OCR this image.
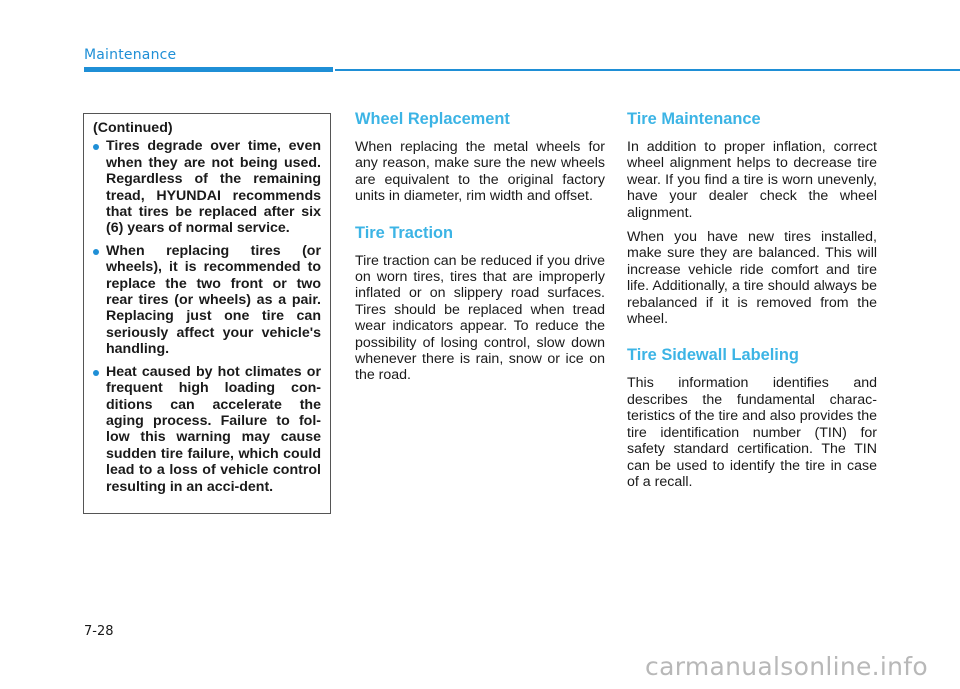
Maintenance
(Continued)
Tires degrade over time, even when they are not being used. Regardless of the remaining tread, HYUNDAI recommends that tires be replaced after six (6) years of normal service.
When replacing tires (or wheels), it is recommended to replace the two front or two rear tires (or wheels) as a pair. Replacing just one tire can seriously affect your vehicle's handling.
Heat caused by hot climates or frequent high loading con-ditions can accelerate the aging process. Failure to fol-low this warning may cause sudden tire failure, which could lead to a loss of vehicle control resulting in an acci-dent.
Wheel Replacement

When replacing the metal wheels for any reason, make sure the new wheels are equivalent to the original factory units in diameter, rim width and offset.

Tire Traction

Tire traction can be reduced if you drive on worn tires, tires that are improperly inflated or on slippery road surfaces. Tires should be replaced when tread wear indicators appear. To reduce the possibility of losing control, slow down whenever there is rain, snow or ice on the road.

Tire Maintenance

In addition to proper inflation, correct wheel alignment helps to decrease tire wear. If you find a tire is worn unevenly, have your dealer check the wheel alignment.

When you have new tires installed, make sure they are balanced. This will increase vehicle ride comfort and tire life. Additionally, a tire should always be rebalanced if it is removed from the wheel.

Tire Sidewall Labeling

This information identifies and describes the fundamental charac-teristics of the tire and also provides the tire identification number (TIN) for safety standard certification. The TIN can be used to identify the tire in case of a recall.

7-28
carmanualsonline.info
